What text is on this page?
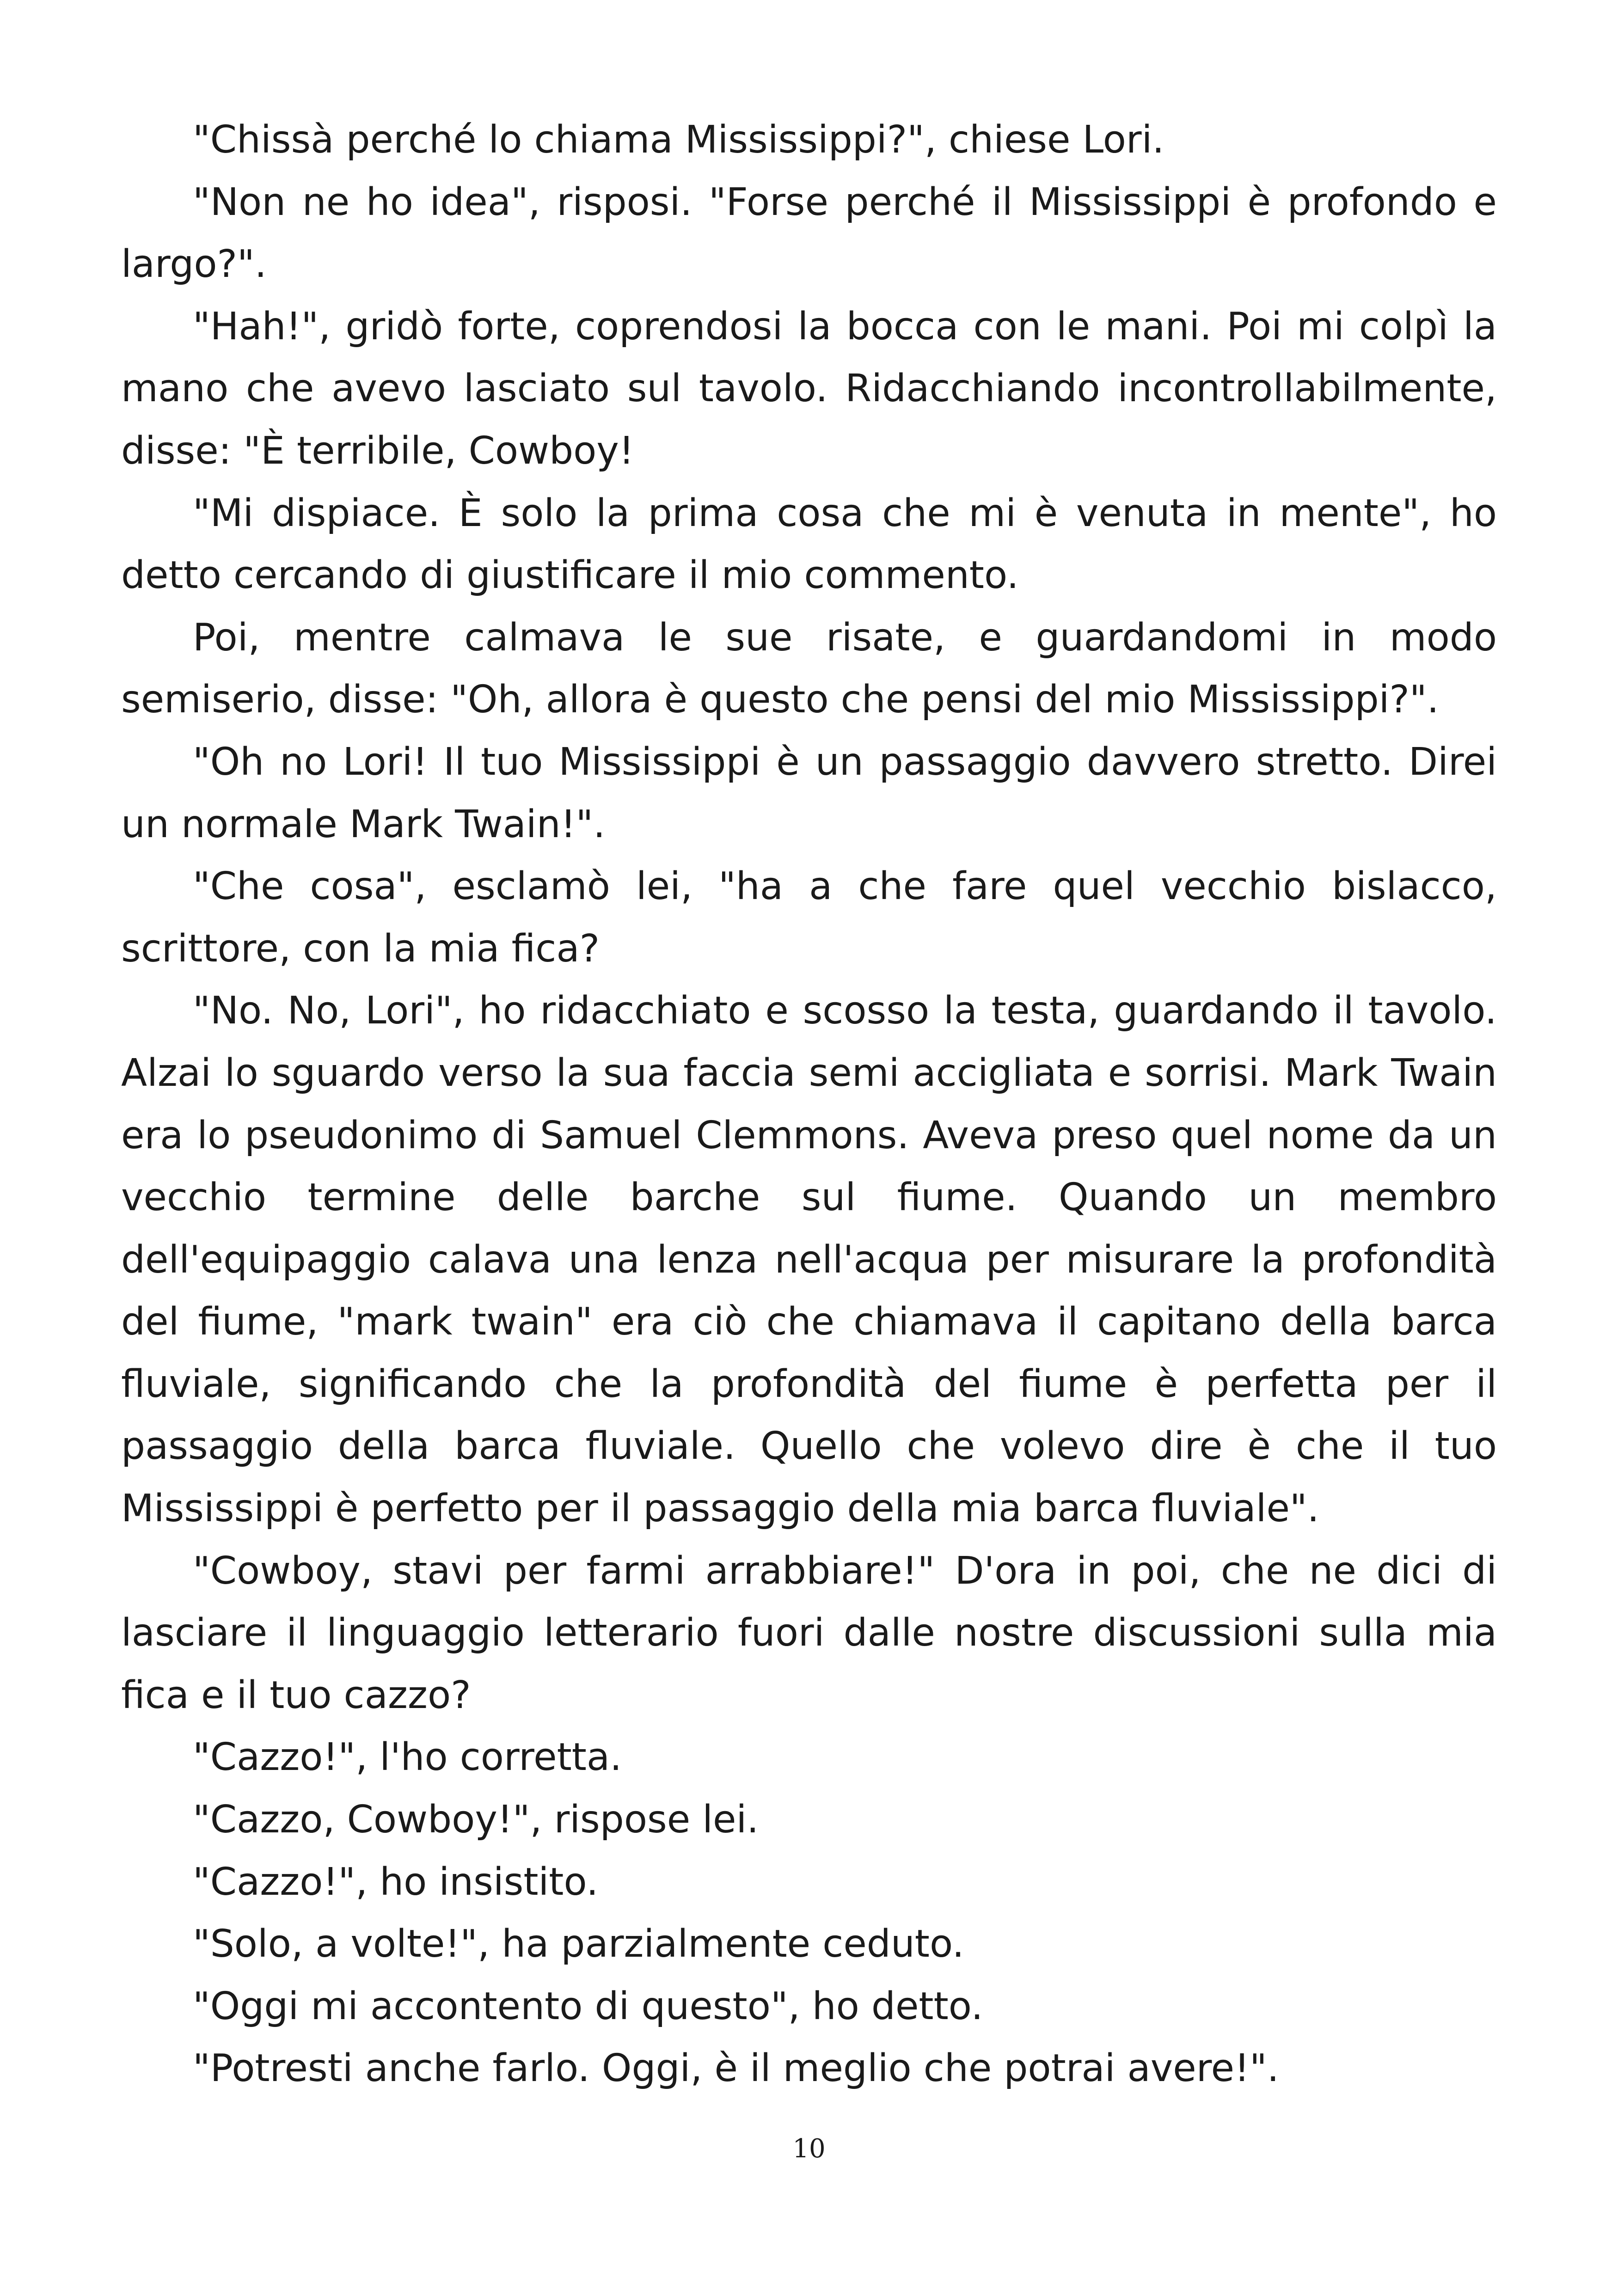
"Chissà perché lo chiama Mississippi?", chiese Lori.

"Non ne ho idea", risposi. "Forse perché il Mississippi è profondo e largo?".

"Hah!", gridò forte, coprendosi la bocca con le mani. Poi mi colpì la mano che avevo lasciato sul tavolo. Ridacchiando incontrollabilmente, disse: "È terribile, Cowboy!

"Mi dispiace. È solo la prima cosa che mi è venuta in mente", ho detto cercando di giustificare il mio commento.

Poi, mentre calmava le sue risate, e guardandomi in modo semiserio, disse: "Oh, allora è questo che pensi del mio Mississippi?".

"Oh no Lori! Il tuo Mississippi è un passaggio davvero stretto. Direi un normale Mark Twain!".

"Che cosa", esclamò lei, "ha a che fare quel vecchio bislacco, scrittore, con la mia fica?

"No. No, Lori", ho ridacchiato e scosso la testa, guardando il tavolo. Alzai lo sguardo verso la sua faccia semi accigliata e sorrisi. Mark Twain era lo pseudonimo di Samuel Clemmons. Aveva preso quel nome da un vecchio termine delle barche sul fiume. Quando un membro dell'equipaggio calava una lenza nell'acqua per misurare la profondità del fiume, "mark twain" era ciò che chiamava il capitano della barca fluviale, significando che la profondità del fiume è perfetta per il passaggio della barca fluviale. Quello che volevo dire è che il tuo Mississippi è perfetto per il passaggio della mia barca fluviale".

"Cowboy, stavi per farmi arrabbiare!" D'ora in poi, che ne dici di lasciare il linguaggio letterario fuori dalle nostre discussioni sulla mia fica e il tuo cazzo?

"Cazzo!", l'ho corretta.

"Cazzo, Cowboy!", rispose lei.

"Cazzo!", ho insistito.

"Solo, a volte!", ha parzialmente ceduto.

"Oggi mi accontento di questo", ho detto.

"Potresti anche farlo. Oggi, è il meglio che potrai avere!".

10
